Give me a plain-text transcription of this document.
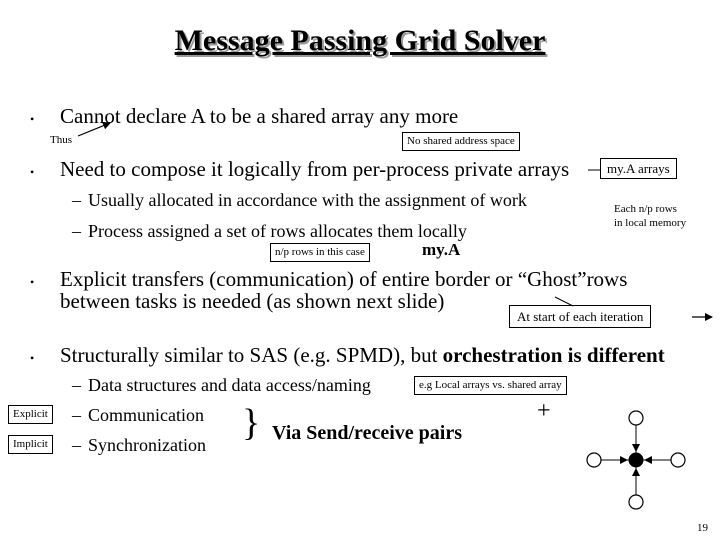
Message Passing Grid Solver
• Cannot declare A to be a shared array any more
Thus	No shared address space
• Need to compose it logically from per-process private arrays	my.A arrays
– Usually allocated in accordance with the assignment of work
– Process assigned a set of rows allocates them locally
Each n/p rows
in local memory
n/p rows in this case	my.A
• Explicit transfers (communication) of entire border or “Ghost”rows
between tasks is needed (as shown next slide)
At start of each iteration
• Structurally similar to SAS (e.g. SPMD), but orchestration is different
– Data structures and data access/naming	e.g Local arrays vs. shared array
Explicit – Communication
Implicit – Synchronization
} Via Send/receive pairs
+
19
